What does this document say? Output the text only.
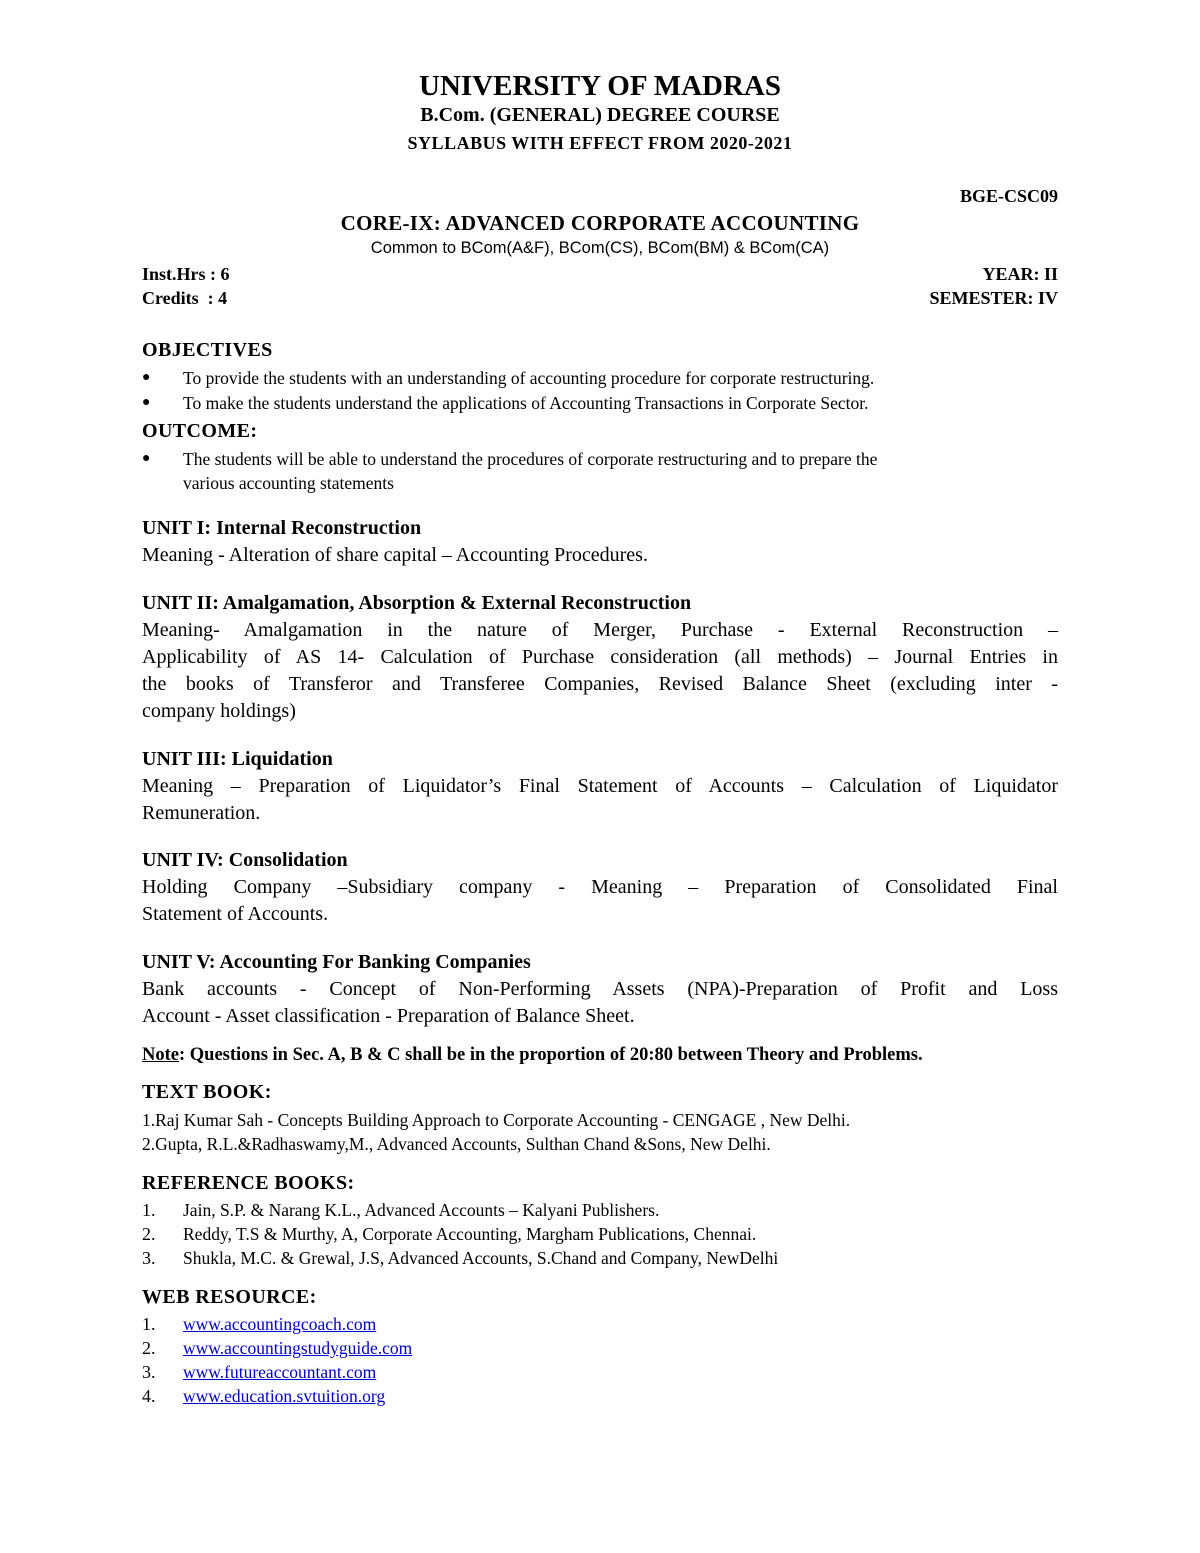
UNIVERSITY OF MADRAS
B.Com. (GENERAL) DEGREE COURSE
SYLLABUS WITH EFFECT FROM 2020-2021
BGE-CSC09
CORE-IX: ADVANCED CORPORATE ACCOUNTING
Common to BCom(A&F), BCom(CS), BCom(BM) & BCom(CA)
Inst.Hrs : 6	YEAR: II
Credits  : 4	SEMESTER: IV
OBJECTIVES
● To provide the students with an understanding of accounting procedure for corporate restructuring.
● To make the students understand the applications of Accounting Transactions in Corporate Sector.
OUTCOME:
● The students will be able to understand the procedures of corporate restructuring and to prepare the
various accounting statements
UNIT I: Internal Reconstruction
Meaning - Alteration of share capital – Accounting Procedures.
UNIT II: Amalgamation, Absorption & External Reconstruction
Meaning- Amalgamation in the nature of Merger, Purchase - External Reconstruction –
Applicability of AS 14- Calculation of Purchase consideration (all methods) – Journal Entries in
the books of Transferor and Transferee Companies, Revised Balance Sheet (excluding inter -
company holdings)
UNIT III: Liquidation
Meaning – Preparation of Liquidator’s Final Statement of Accounts – Calculation of Liquidator
Remuneration.
UNIT IV: Consolidation
Holding Company –Subsidiary company - Meaning – Preparation of Consolidated Final
Statement of Accounts.
UNIT V: Accounting For Banking Companies
Bank accounts - Concept of Non-Performing Assets (NPA)-Preparation of Profit and Loss
Account - Asset classification - Preparation of Balance Sheet.
Note: Questions in Sec. A, B & C shall be in the proportion of 20:80 between Theory and Problems.
TEXT BOOK:
1.Raj Kumar Sah - Concepts Building Approach to Corporate Accounting - CENGAGE , New Delhi.
2.Gupta, R.L.&Radhaswamy,M., Advanced Accounts, Sulthan Chand &Sons, New Delhi.
REFERENCE BOOKS:
1. Jain, S.P. & Narang K.L., Advanced Accounts – Kalyani Publishers.
2. Reddy, T.S & Murthy, A, Corporate Accounting, Margham Publications, Chennai.
3. Shukla, M.C. & Grewal, J.S, Advanced Accounts, S.Chand and Company, NewDelhi
WEB RESOURCE:
1. www.accountingcoach.com
2. www.accountingstudyguide.com
3. www.futureaccountant.com
4. www.education.svtuition.org
